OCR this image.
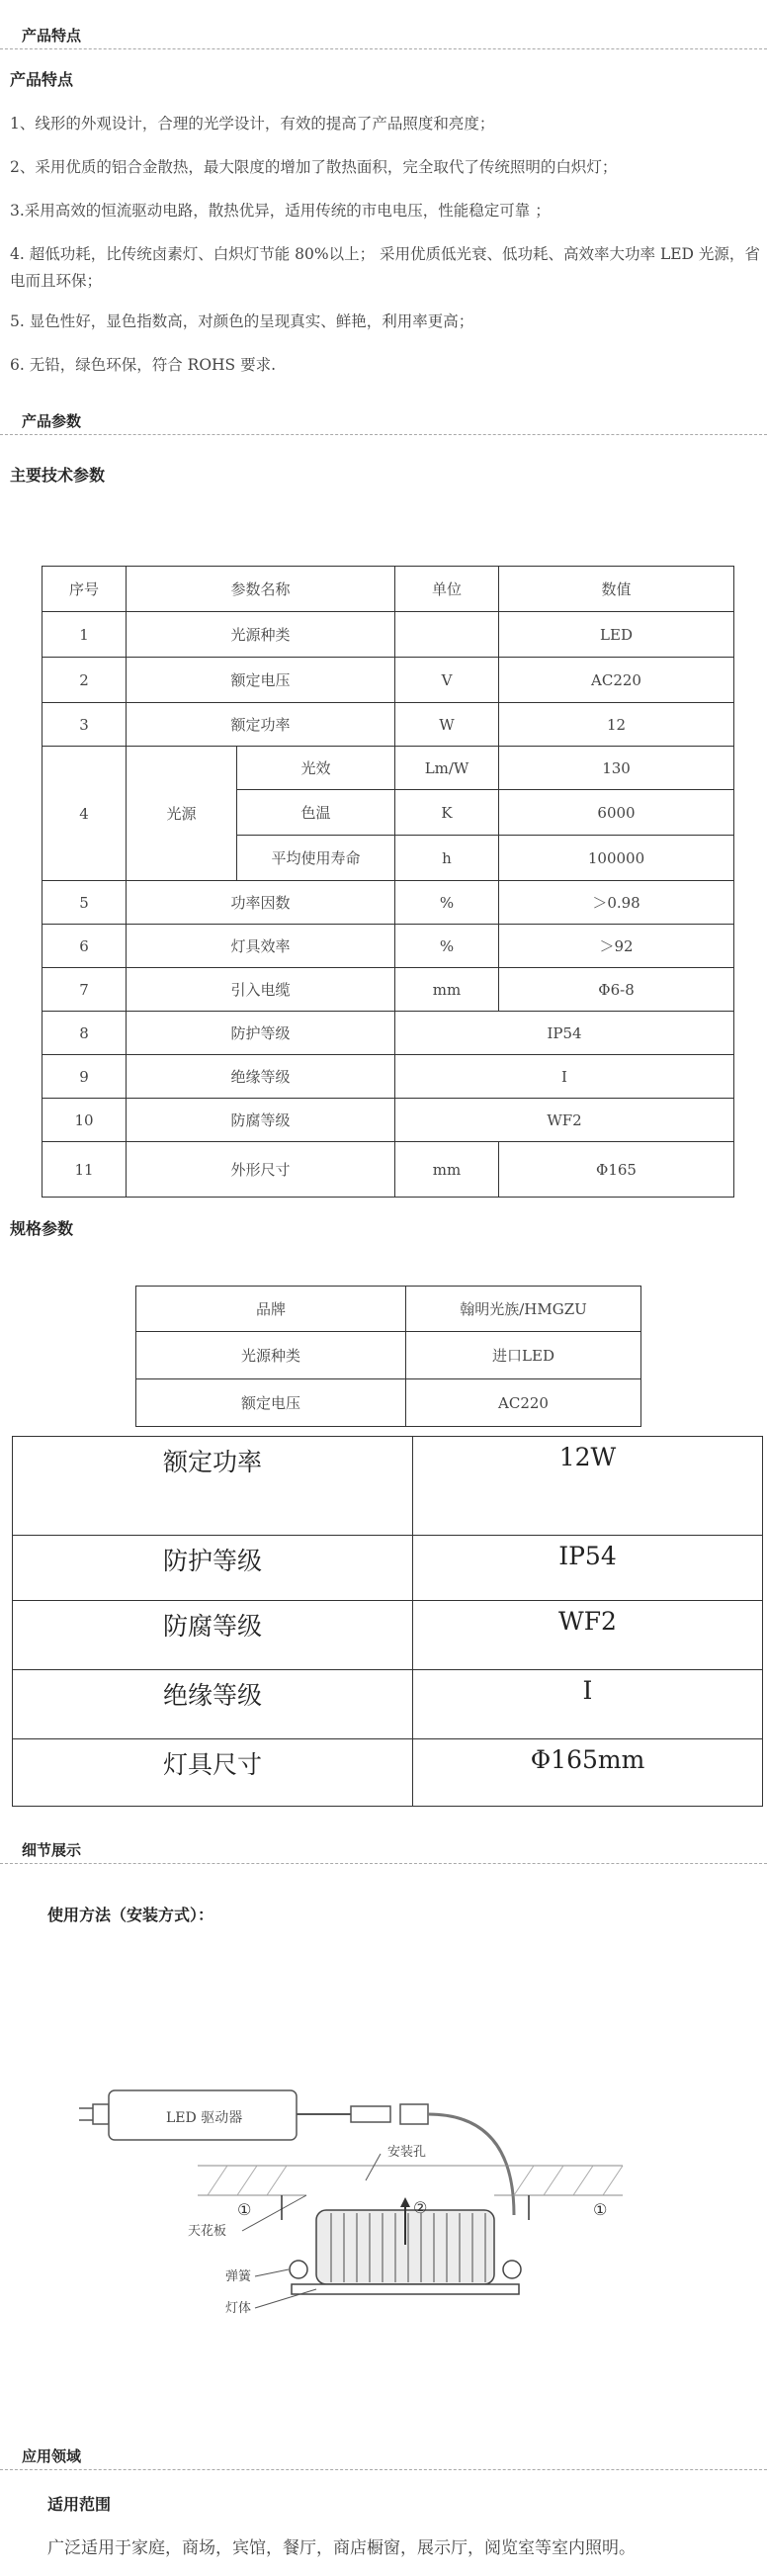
产品特点
产品特点
1、线形的外观设计，合理的光学设计，有效的提高了产品照度和亮度；
2、采用优质的铝合金散热，最大限度的增加了散热面积，完全取代了传统照明的白炽灯；
3.采用高效的恒流驱动电路，散热优异，适用传统的市电电压，性能稳定可靠 ；
4. 超低功耗，比传统卤素灯、白炽灯节能 80%以上； 采用优质低光衰、低功耗、高效率大功率 LED 光源，省电而且环保；
5. 显色性好，显色指数高，对颜色的呈现真实、鲜艳，利用率更高；
6. 无铅，绿色环保，符合 ROHS 要求.
产品参数
主要技术参数
序号	参数名称		单位	数值
1	光源种类			LED
2	额定电压		V	AC220
3	额定功率		W	12
4	光源	光效	Lm/W	130
		色温	K	6000
		平均使用寿命	h	100000
5	功率因数		%	＞0.98
6	灯具效率		%	＞92
7	引入电缆		mm	Φ6-8
8	防护等级		IP54	
9	绝缘等级		I	
10	防腐等级		WF2	
11	外形尺寸		mm	Φ165
规格参数
品牌	翰明光族/HMGZU
光源种类	进口LED
额定电压	AC220
额定功率	12W
防护等级	IP54
防腐等级	WF2
绝缘等级	I
灯具尺寸	Φ165mm
细节展示
使用方法（安装方式）：
LED 驱动器
安装孔
天花板
弹簧
灯体
②
①	①
应用领域
适用范围
广泛适用于家庭，商场，宾馆，餐厅，商店橱窗，展示厅，阅览室等室内照明。
